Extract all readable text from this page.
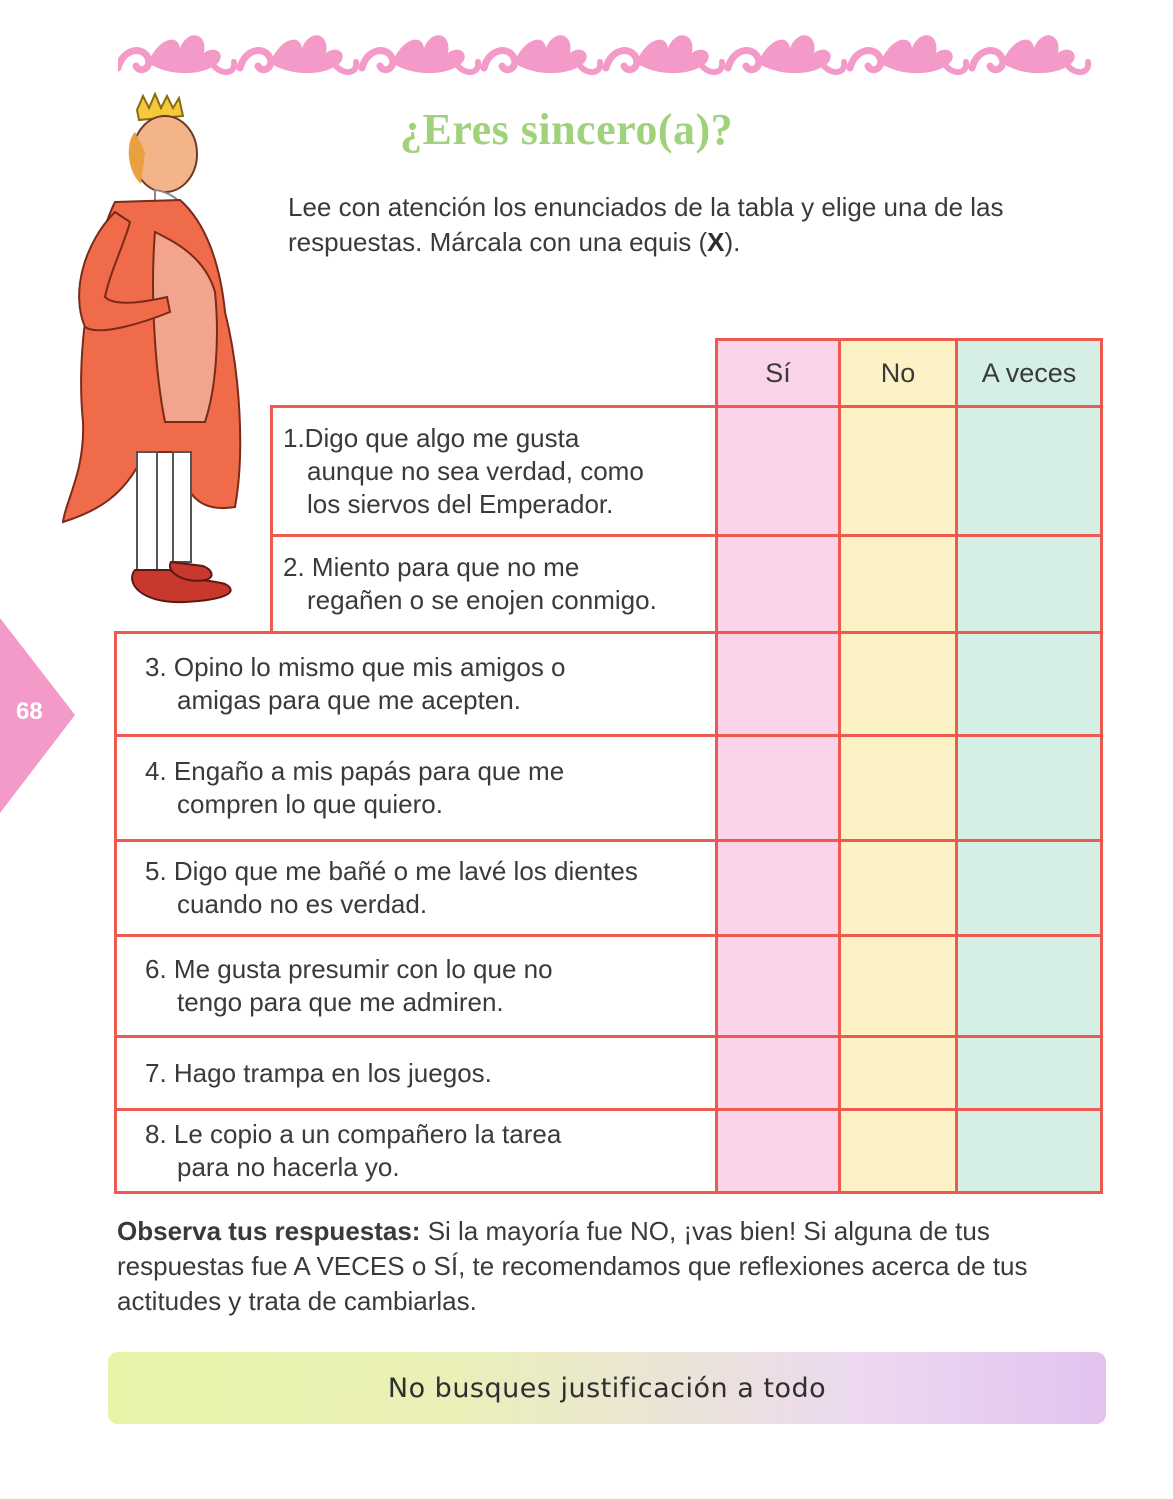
¿Eres sincero(a)?
Lee con atención los enunciados de la tabla y elige una de las respuestas. Márcala con una equis (X).
68
Sí	No A veces
1.Digo que algo me gusta
aunque no sea verdad, como
los siervos del Emperador.
2. Miento para que no me
regañen o se enojen conmigo.
3. Opino lo mismo que mis amigos o
amigas para que me acepten.
4. Engaño a mis papás para que me
compren lo que quiero.
5. Digo que me bañé o me lavé los dientes
cuando no es verdad.
6. Me gusta presumir con lo que no
tengo para que me admiren.
7. Hago trampa en los juegos.
8. Le copio a un compañero la tarea
para no hacerla yo.
Observa tus respuestas: Si la mayoría fue NO, ¡vas bien! Si alguna de tus respuestas fue A VECES o SÍ, te recomendamos que reflexiones acerca de tus actitudes y trata de cambiarlas.
No busques justificación a todo
